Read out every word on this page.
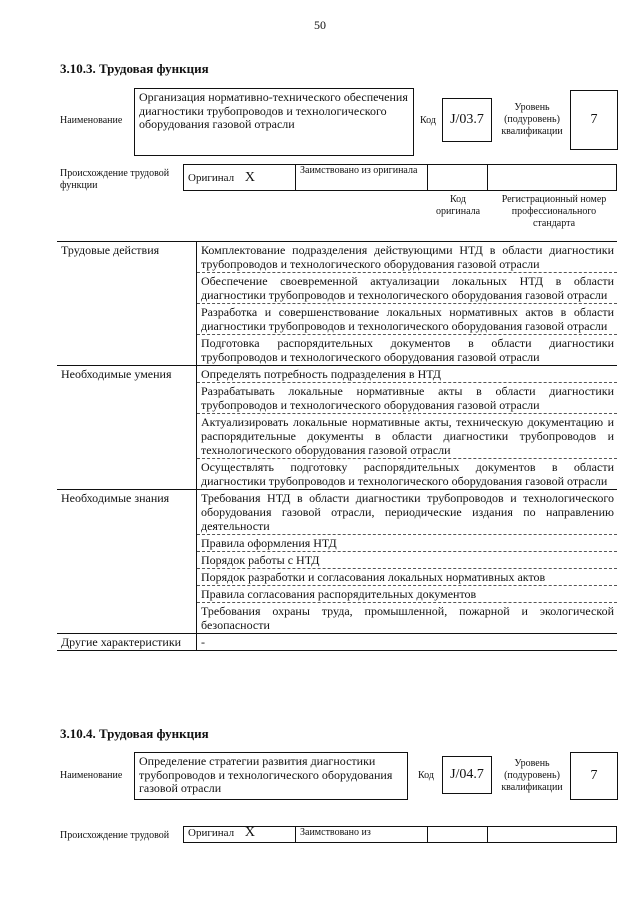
50
3.10.3. Трудовая функция
Наименование
Организация нормативно-технического обеспечения диагностики трубопроводов и технологического оборудования газовой отрасли	Код	J/03.7
Уровень (подуровень) квалификации
7
Происхождение трудовой функции
Оригинал X	Заимствовано из оригинала		
Код оригинала
Регистрационный номер профессионального стандарта
Трудовые действия	Комплектование подразделения действующими НТД в области диагностики трубопроводов и технологического оборудования газовой отрасли
	Обеспечение своевременной актуализации локальных НТД в области диагностики трубопроводов и технологического оборудования газовой отрасли
	Разработка и совершенствование локальных нормативных актов в области диагностики трубопроводов и технологического оборудования газовой отрасли
	Подготовка распорядительных документов в области диагностики трубопроводов и технологического оборудования газовой отрасли
Необходимые умения	Определять потребность подразделения в НТД
	Разрабатывать локальные нормативные акты в области диагностики трубопроводов и технологического оборудования газовой отрасли
	Актуализировать локальные нормативные акты, техническую документацию и распорядительные документы в области диагностики трубопроводов и технологического оборудования газовой отрасли
	Осуществлять подготовку распорядительных документов в области диагностики трубопроводов и технологического оборудования газовой отрасли
Необходимые знания	Требования НТД в области диагностики трубопроводов и технологического оборудования газовой отрасли, периодические издания по направлению деятельности
	Правила оформления НТД
	Порядок работы с НТД
	Порядок разработки и согласования локальных нормативных актов
	Правила согласования распорядительных документов
	Требования охраны труда, промышленной, пожарной и экологической безопасности
Другие характеристики	-
3.10.4. Трудовая функция
Наименование
Определение стратегии развития диагностики трубопроводов и технологического оборудования газовой отрасли
Код	J/04.7
Уровень (подуровень) квалификации
7
Происхождение трудовой Оригинал X	Заимствовано из		
